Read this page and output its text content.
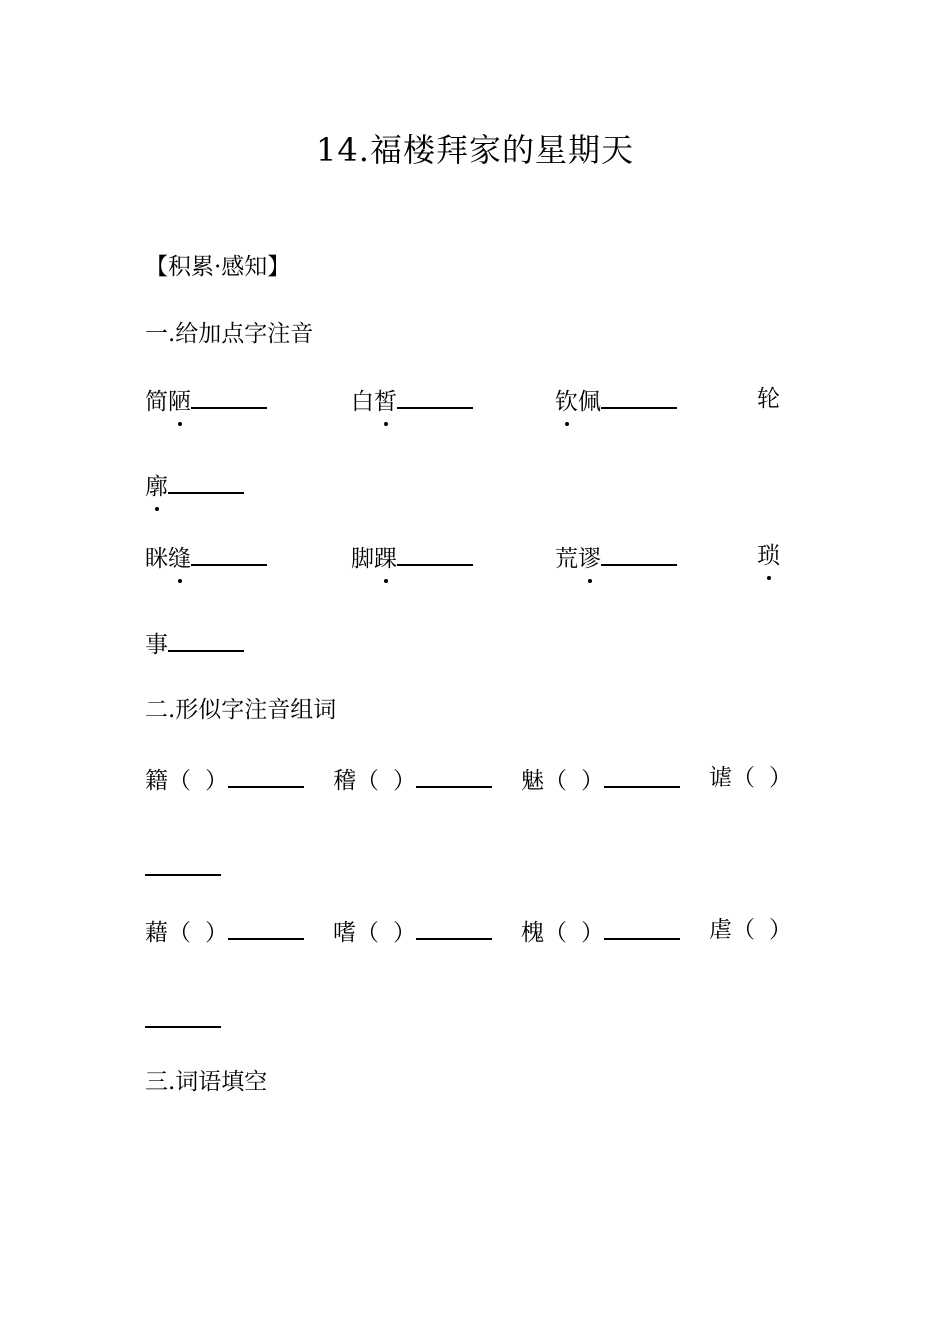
14.福楼拜家的星期天
【积累·感知】
一.给加点字注音
简陋	白皙	钦佩	轮
廓
眯缝	脚踝	荒谬	琐
事
二.形似字注音组词
籍（ ）	稽（ ）	魅（ ）	谑（ ）
藉（ ）	嗜（ ）	槐（ ）	虐（ ）
三.词语填空
